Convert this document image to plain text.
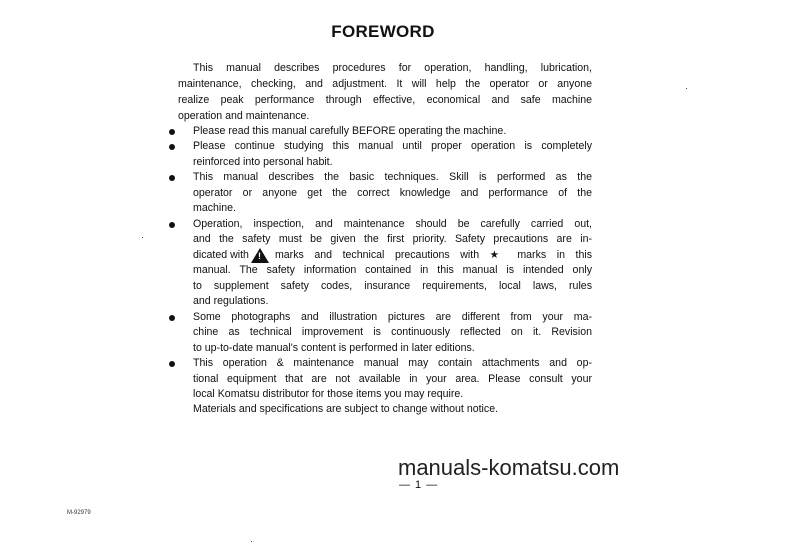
FOREWORD
This manual describes procedures for operation, handling, lubrication,
maintenance, checking, and adjustment. It will help the operator or anyone
realize peak performance through effective, economical and safe machine
operation and maintenance.
Please read this manual carefully BEFORE operating the machine.
Please continue studying this manual until proper operation is completely
reinforced into personal habit.
This manual describes the basic techniques. Skill is performed as the
operator or anyone get the correct knowledge and performance of the
machine.
Operation, inspection, and maintenance should be carefully carried out,
and the safety must be given the first priority. Safety precautions are in-
dicated with ! marks and technical precautions with ★ marks in this
manual. The safety information contained in this manual is intended only
to supplement safety codes, insurance requirements, local laws, rules
and regulations.
Some photographs and illustration pictures are different from your ma-
chine as technical improvement is continuously reflected on it. Revision
to up-to-date manual's content is performed in later editions.
This operation & maintenance manual may contain attachments and op-
tional equipment that are not available in your area. Please consult your
local Komatsu distributor for those items you may require.
Materials and specifications are subject to change without notice.
manuals-komatsu.com
— 1 —
M-92979
